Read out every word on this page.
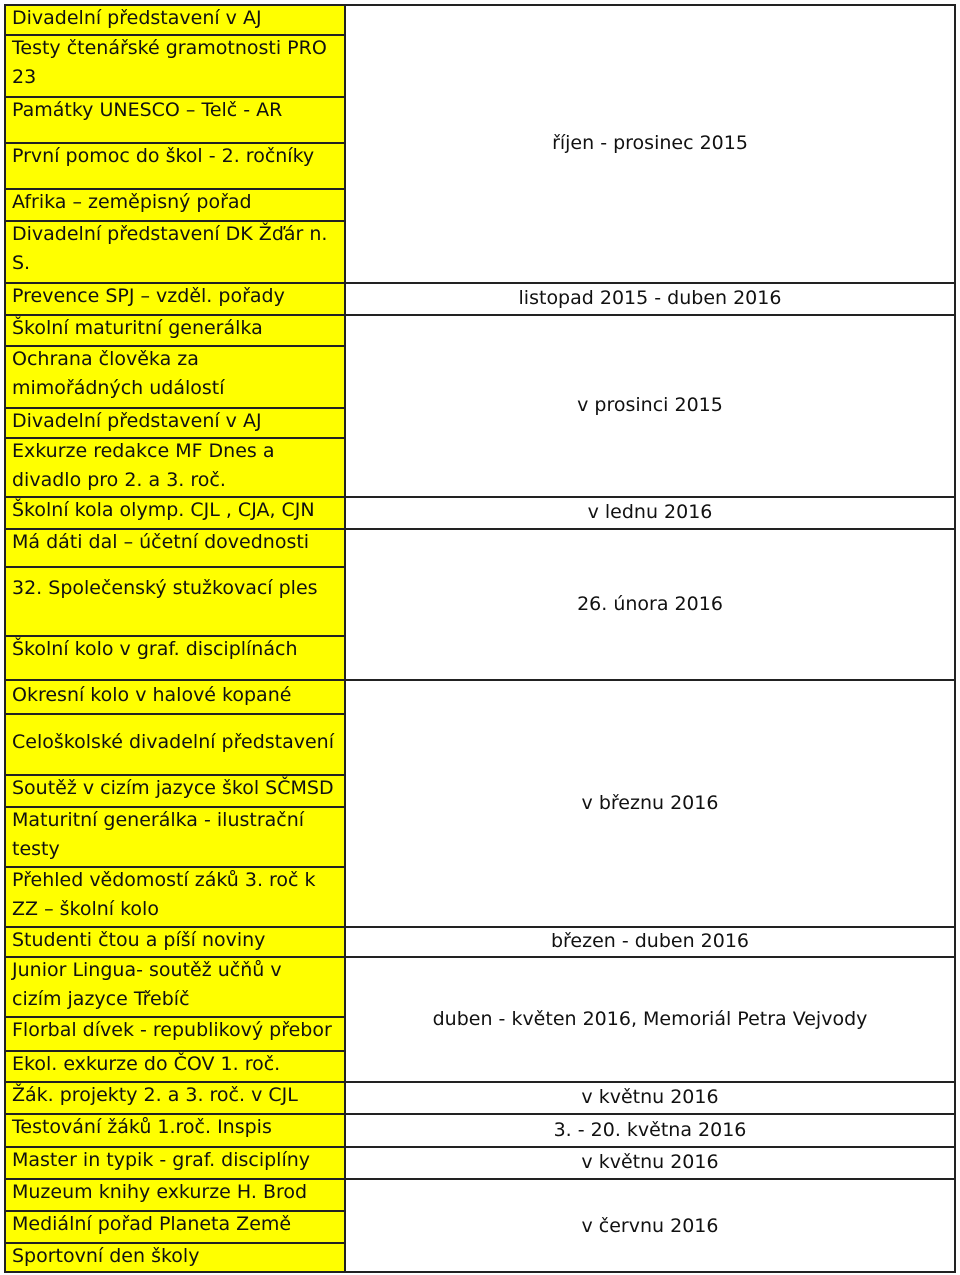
Divadelní představení v AJ
Testy čtenářské gramotnosti PRO 23
Památky UNESCO – Telč - AR
První pomoc do škol - 2. ročníky
Afrika – zeměpisný pořad
Divadelní představení DK Žďár n. S.
Prevence SPJ – vzděl. pořady
Školní maturitní generálka
Ochrana člověka za mimořádných událostí
Divadelní představení v AJ
Exkurze redakce MF Dnes a divadlo pro 2. a 3. roč.
Školní kola olymp. CJL , CJA, CJN
Má dáti dal – účetní dovednosti
32. Společenský stužkovací ples
Školní kolo v graf. disciplínách
Okresní kolo v halové kopané
Celoškolské divadelní představení
Soutěž v cizím jazyce škol SČMSD
Maturitní generálka - ilustrační testy
Přehled vědomostí záků 3. roč k ZZ – školní kolo
Studenti čtou a píší noviny
Junior Lingua- soutěž učňů v cizím jazyce Třebíč
Florbal dívek - republikový přebor
Ekol. exkurze do ČOV 1. roč.
Žák. projekty 2. a 3. roč. v CJL
Testování žáků 1.roč. Inspis
Master in typik - graf. disciplíny
Muzeum knihy exkurze H. Brod
Mediální pořad Planeta Země
Sportovní den školy
říjen - prosinec 2015
listopad 2015 - duben 2016
v prosinci 2015
v lednu 2016
26. února 2016
v březnu 2016
březen - duben 2016
duben - květen 2016, Memoriál Petra Vejvody
v květnu 2016
3. - 20. května 2016
v květnu 2016
v červnu 2016
